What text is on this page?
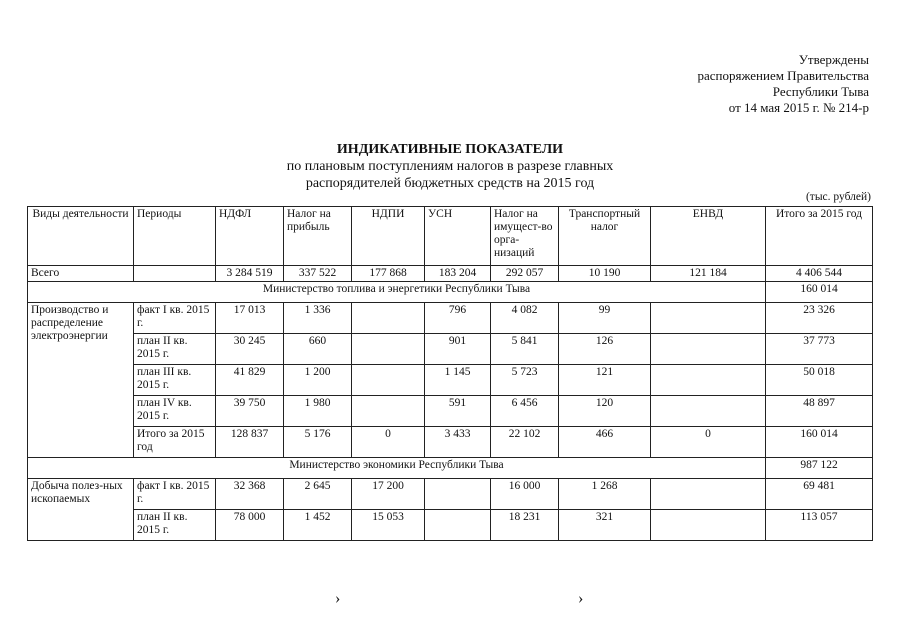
Утверждены
распоряжением Правительства
Республики Тыва
от 14 мая 2015 г. № 214-р
ИНДИКАТИВНЫЕ ПОКАЗАТЕЛИ
по плановым поступлениям налогов в разрезе главных
распорядителей бюджетных средств на 2015 год
(тыс. рублей)
Виды деятельности	Периоды	НДФЛ	Налог на прибыль	НДПИ	УСН	Налог на имущест-во орга-низаций	Транспортный налог	ЕНВД	Итого за 2015 год
Всего		3 284 519	337 522	177 868	183 204	292 057	10 190	121 184	4 406 544
Министерство топлива и энергетики Республики Тыва									160 014
Производство и распределение электроэнергии	факт I кв. 2015 г.	17 013	1 336		796	4 082	99		23 326
	план II кв. 2015 г.	30 245	660		901	5 841	126		37 773
	план III кв. 2015 г.	41 829	1 200		1 145	5 723	121		50 018
	план IV кв. 2015 г.	39 750	1 980		591	6 456	120		48 897
	Итого за 2015 год	128 837	5 176	0	3 433	22 102	466	0	160 014
Министерство экономики Республики Тыва									987 122
Добыча полез-ных ископаемых	факт I кв. 2015 г.	32 368	2 645	17 200		16 000	1 268		69 481
	план II кв. 2015 г.	78 000	1 452	15 053		18 231	321		113 057
›	›
